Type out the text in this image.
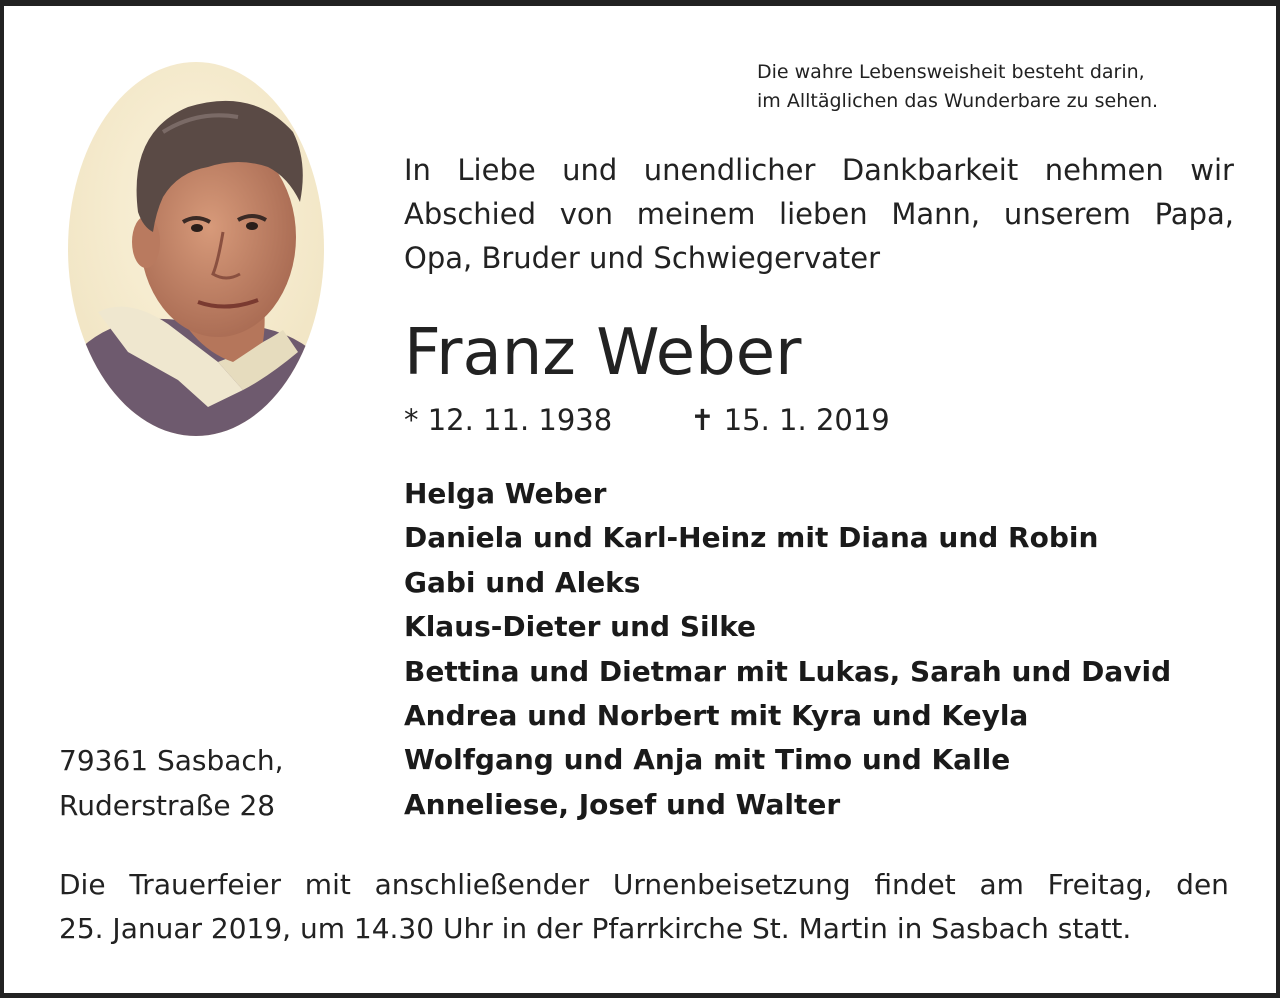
Die wahre Lebensweisheit besteht darin,
im Alltäglichen das Wunderbare zu sehen.
In Liebe und unendlicher Dankbarkeit nehmen wir
Abschied von meinem lieben Mann, unserem Papa,
Opa, Bruder und Schwiegervater
Franz Weber
* 12. 11. 1938	✝ 15. 1. 2019
Helga Weber
Daniela und Karl-Heinz mit Diana und Robin
Gabi und Aleks
Klaus-Dieter und Silke
Bettina und Dietmar mit Lukas, Sarah und David
Andrea und Norbert mit Kyra und Keyla
Wolfgang und Anja mit Timo und Kalle
Anneliese, Josef und Walter
79361 Sasbach,
Ruderstraße 28
Die Trauerfeier mit anschließender Urnenbeisetzung findet am Freitag, den
25. Januar 2019, um 14.30 Uhr in der Pfarrkirche St. Martin in Sasbach statt.
